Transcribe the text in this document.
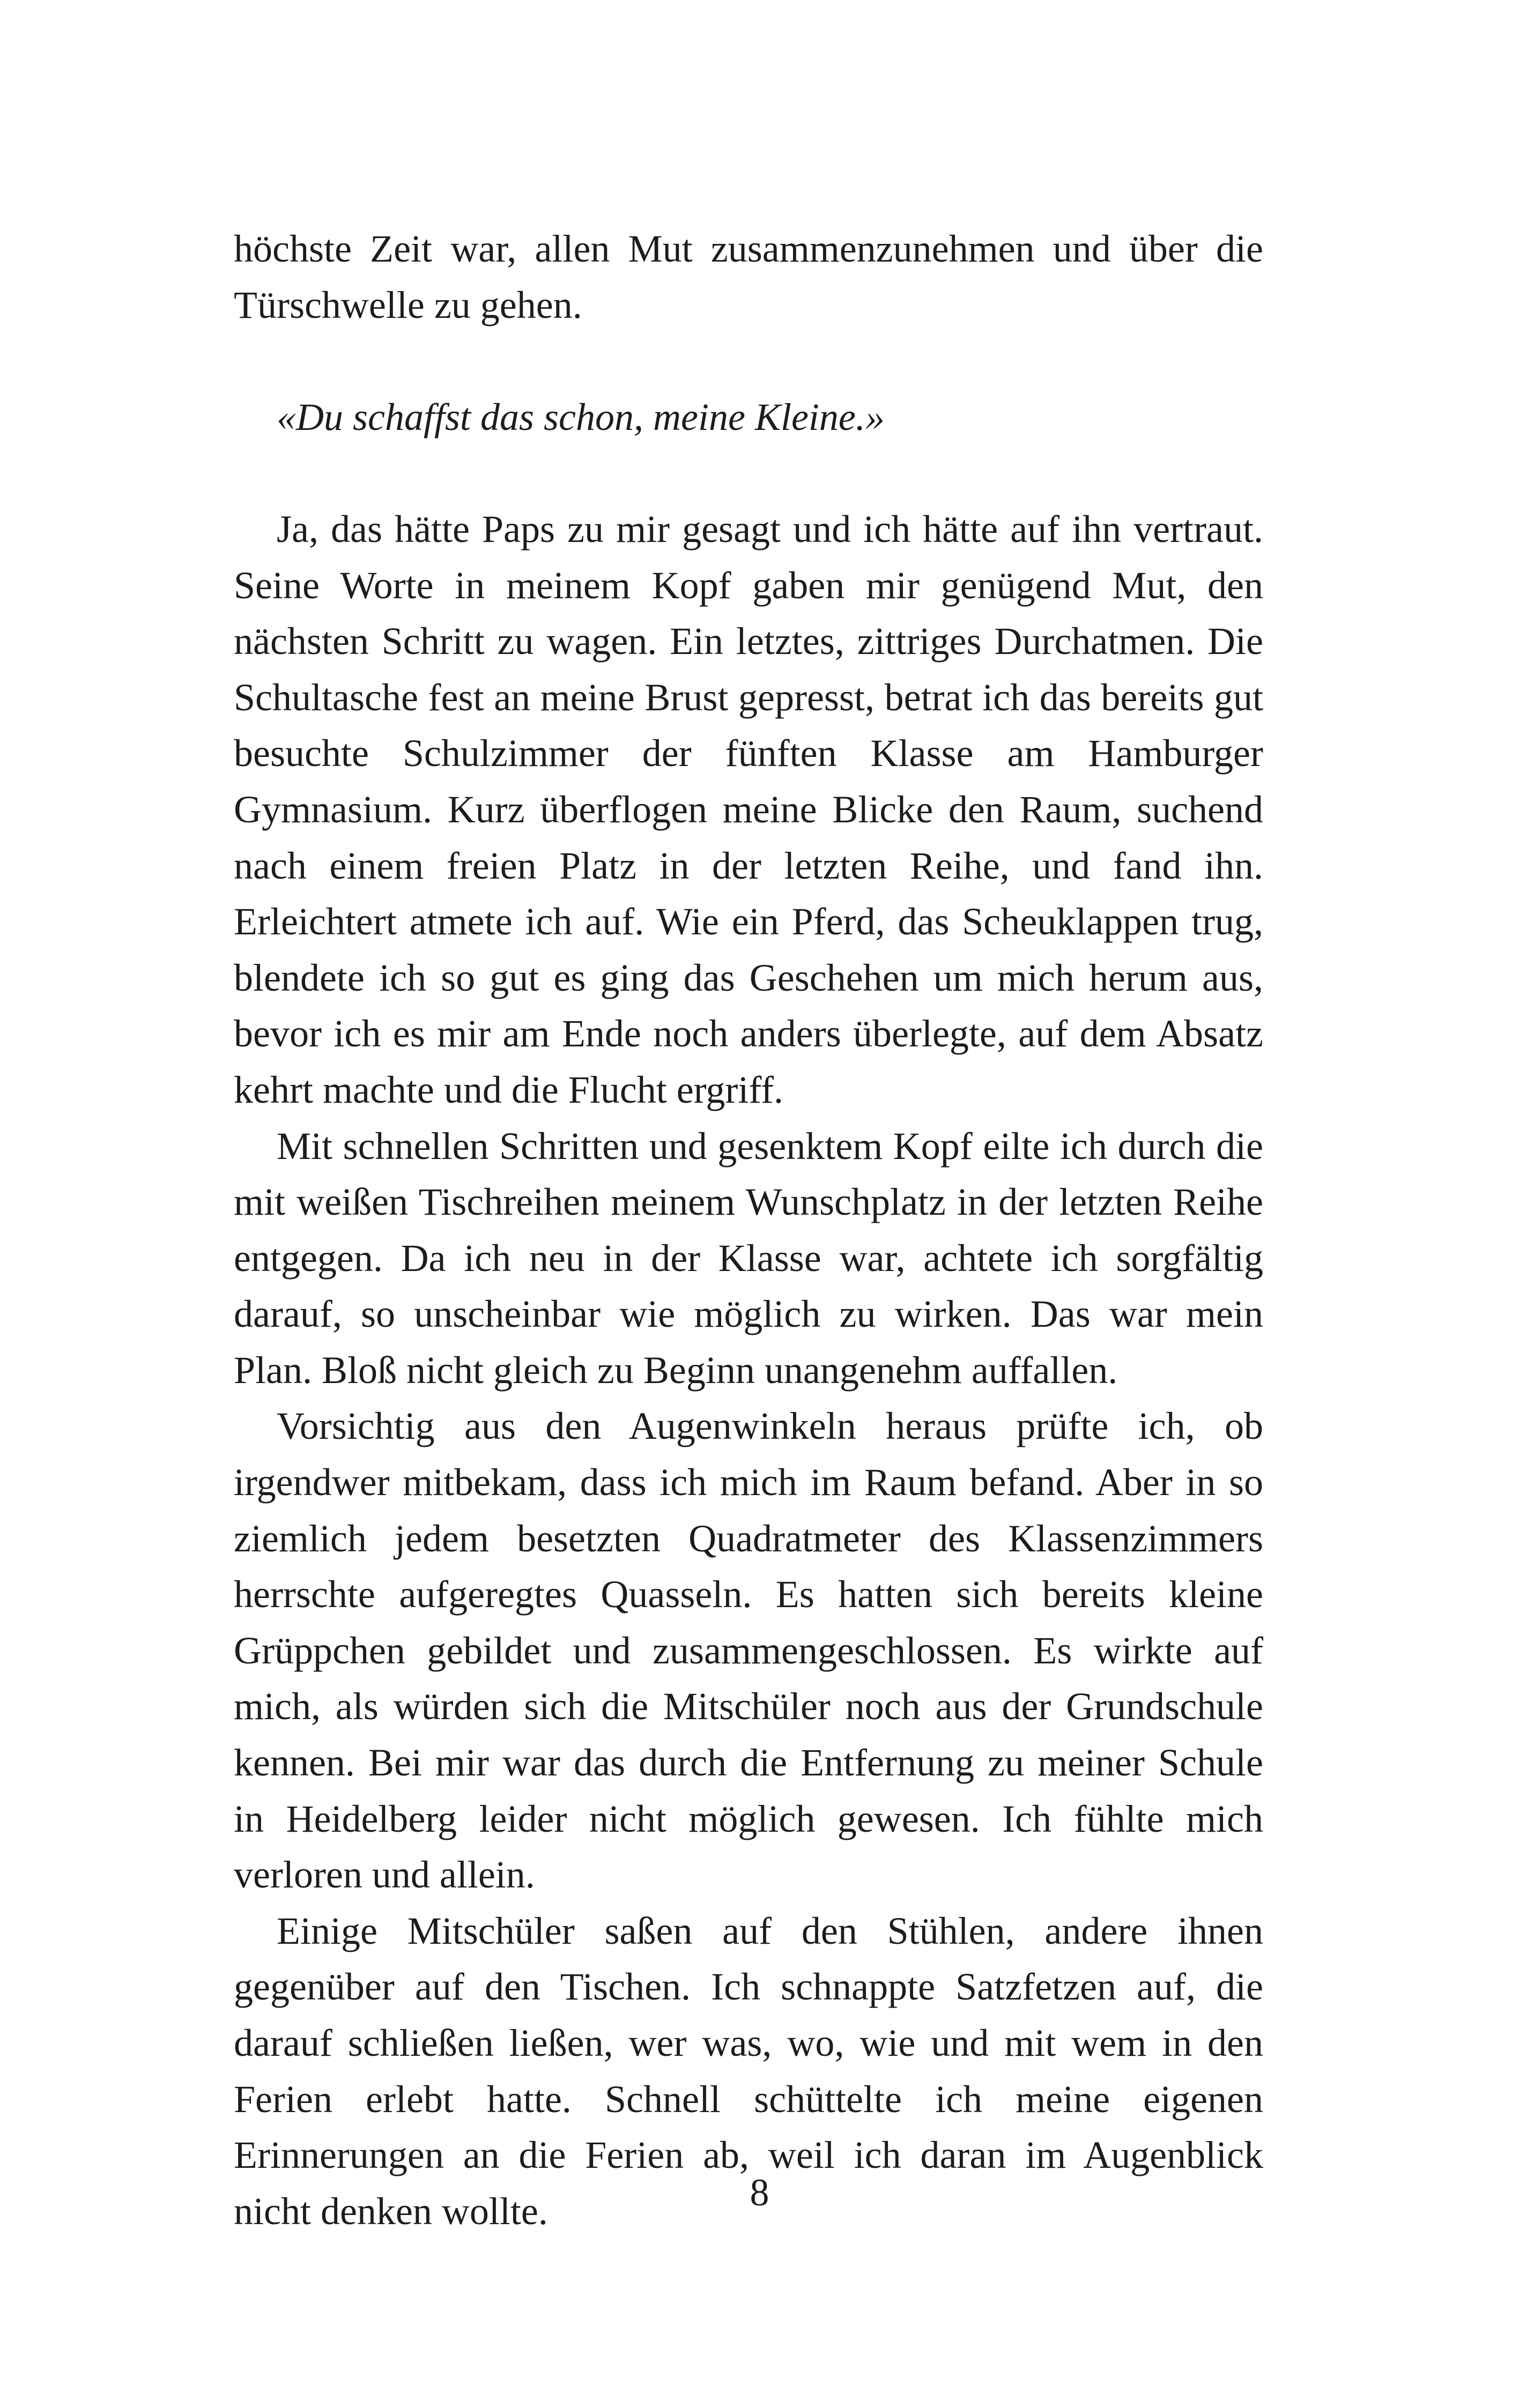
höchste Zeit war, allen Mut zusammenzunehmen und über die Türschwelle zu gehen.

«Du schaffst das schon, meine Kleine.»

Ja, das hätte Paps zu mir gesagt und ich hätte auf ihn vertraut. Seine Worte in meinem Kopf gaben mir genügend Mut, den nächsten Schritt zu wagen. Ein letztes, zittriges Durchatmen. Die Schultasche fest an meine Brust gepresst, betrat ich das bereits gut besuchte Schulzimmer der fünften Klasse am Hamburger Gymnasium. Kurz überflogen meine Blicke den Raum, suchend nach einem freien Platz in der letzten Reihe, und fand ihn. Erleichtert atmete ich auf. Wie ein Pferd, das Scheuklappen trug, blendete ich so gut es ging das Geschehen um mich herum aus, bevor ich es mir am Ende noch anders überlegte, auf dem Absatz kehrt machte und die Flucht ergriff.

Mit schnellen Schritten und gesenktem Kopf eilte ich durch die mit weißen Tischreihen meinem Wunschplatz in der letzten Reihe entgegen. Da ich neu in der Klasse war, achtete ich sorgfältig darauf, so unscheinbar wie möglich zu wirken. Das war mein Plan. Bloß nicht gleich zu Beginn unangenehm auffallen.

Vorsichtig aus den Augenwinkeln heraus prüfte ich, ob irgendwer mitbekam, dass ich mich im Raum befand. Aber in so ziemlich jedem besetzten Quadratmeter des Klassenzimmers herrschte aufgeregtes Quasseln. Es hatten sich bereits kleine Grüppchen gebildet und zusammengeschlossen. Es wirkte auf mich, als würden sich die Mitschüler noch aus der Grundschule kennen. Bei mir war das durch die Entfernung zu meiner Schule in Heidelberg leider nicht möglich gewesen. Ich fühlte mich verloren und allein.

Einige Mitschüler saßen auf den Stühlen, andere ihnen gegenüber auf den Tischen. Ich schnappte Satzfetzen auf, die darauf schließen ließen, wer was, wo, wie und mit wem in den Ferien erlebt hatte. Schnell schüttelte ich meine eigenen Erinnerungen an die Ferien ab, weil ich daran im Augenblick nicht denken wollte.	8
